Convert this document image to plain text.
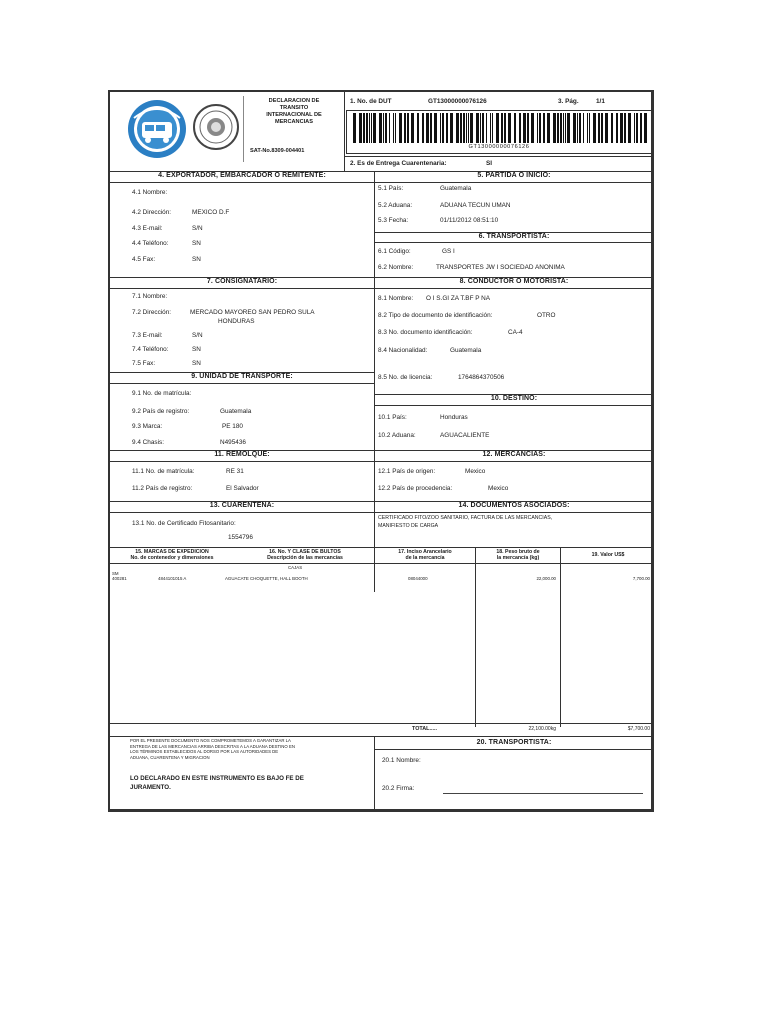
DECLARACION DE
TRANSITO
INTERNACIONAL DE
MERCANCIAS
SAT-No.8309-004401
1. No. de DUT	GT13000000076126	3. Pág.	1/1
GT13000000076126
2. Es de Entrega Cuarentenaria:	SI
4. EXPORTADOR, EMBARCADOR O REMITENTE:
4.1 Nombre:
4.2 Dirección:	MEXICO D.F
4.3 E-mail:	S/N
4.4 Teléfono:	SN
4.5 Fax:	SN
5. PARTIDA O INICIO:
5.1 País:	Guatemala
5.2 Aduana:	ADUANA TECUN UMAN
5.3 Fecha:	01/11/2012 08:51:10
6. TRANSPORTISTA:
6.1 Código:	GS I
6.2 Nombre:	TRANSPORTES JW I SOCIEDAD ANONIMA
7. CONSIGNATARIO:
7.1 Nombre:
7.2 Dirección:	MERCADO MAYOREO SAN PEDRO SULA
HONDURAS
7.3 E-mail:	S/N
7.4 Teléfono:	SN
7.5 Fax:	SN
8. CONDUCTOR O MOTORISTA:
8.1 Nombre: O I S.GI ZA T.BF P NA
8.2 Tipo de documento de identificación:	OTRO
8.3 No. documento identificación:	CA-4
8.4 Nacionalidad:	Guatemala
8.5 No. de licencia:	1764864370506
9. UNIDAD DE TRANSPORTE:
9.1 No. de matrícula:
9.2 País de registro:	Guatemala
9.3 Marca:	PE 180
9.4 Chasis:	N495436
10. DESTINO:
10.1 País:	Honduras
10.2 Aduana:	AGUACALIENTE
11. REMOLQUE:
11.1 No. de matrícula:	RE 31
11.2 País de registro:	El Salvador
12. MERCANCIAS:
12.1 País de origen:	Mexico
12.2 País de procedencia:	Mexico
13. CUARENTENA:
13.1 No. de Certificado Fitosanitario:
1554796
14. DOCUMENTOS ASOCIADOS:
CERTIFICADO FITO/ZOO SANITARIO, FACTURA DE LAS MERCANCIAS,
MANIFIESTO DE CARGA
15. MARCAS DE EXPEDICION
No. de contenedor y dimensiones
16. No. Y CLASE DE BULTOS
Descripción de las mercancías
17. Inciso Arancelario
de la mercancía
18. Peso bruto de
la mercancía (kg)	19. Valor US$
CAJAS
SM 400281	4844101015 A	AGUACATE CHOQUETTE, HALL BOOTH	08044000	22,000.00	7,700.00
TOTAL.....	22,100.00kg	$7,700.00
POR EL PRESENTE DOCUMENTO NOS COMPROMETEMOS A GARANTIZAR LA
ENTREGA DE LAS MERCANCIAS ARRIBA DESCRITAS A LA ADUANA DESTINO EN
LOS TÉRMINOS ESTABLECIDOS AL DORSO POR LAS AUTORIDADES DE
ADUANA, CUARENTENA Y MIGRACION
LO DECLARADO EN ESTE INSTRUMENTO ES BAJO FE DE
JURAMENTO.
20. TRANSPORTISTA:
20.1 Nombre:
20.2 Firma:
